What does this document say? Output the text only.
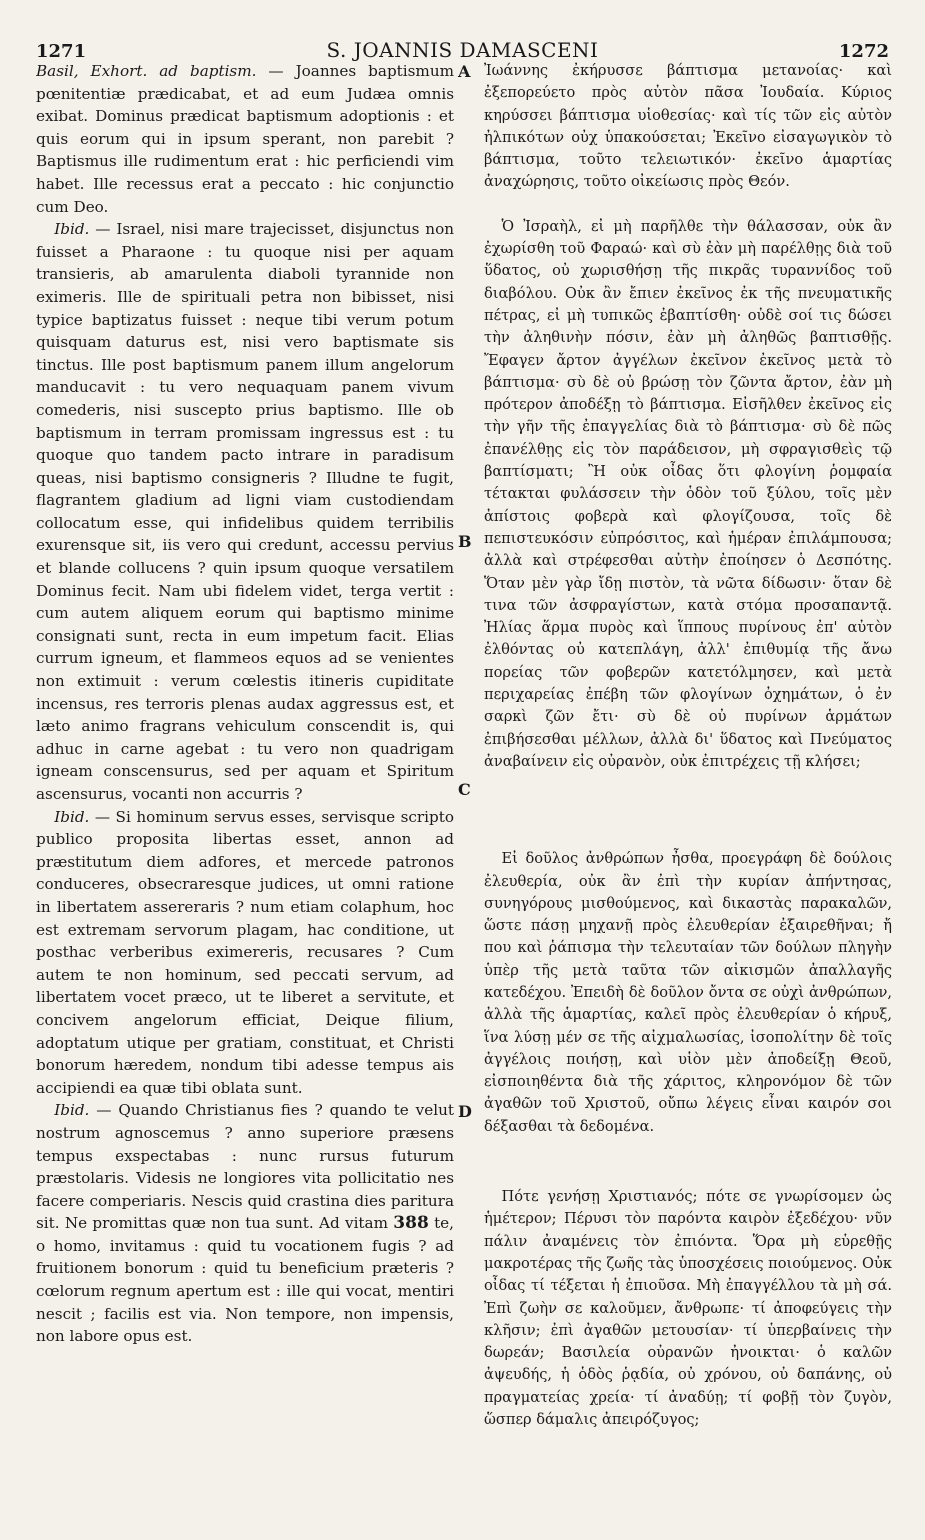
1271	S. JOANNIS DAMASCENI	1272

Basil, Exhort. ad baptism. — Joannes baptismum pœnitentiæ prædicabat, et ad eum Judæa omnis exibat. Dominus prædicat baptismum adoptionis : et quis eorum qui in ipsum sperant, non parebit ? Baptismus ille rudimentum erat : hic perficiendi vim habet. Ille recessus erat a peccato : hic conjunctio cum Deo.

Ibid. — Israel, nisi mare trajecisset, disjunctus non fuisset a Pharaone : tu quoque nisi per aquam transieris, ab amarulenta diaboli tyrannide non eximeris. Ille de spirituali petra non bibisset, nisi typice baptizatus fuisset : neque tibi verum potum quisquam daturus est, nisi vero baptismate sis tinctus. Ille post baptismum panem illum angelorum manducavit : tu vero nequaquam panem vivum comederis, nisi suscepto prius baptismo. Ille ob baptismum in terram promissam ingressus est : tu quoque quo tandem pacto intrare in paradisum queas, nisi baptismo consigneris ? Illudne te fugit, flagrantem gladium ad ligni viam custodiendam collocatum esse, qui infidelibus quidem terribilis exurensque sit, iis vero qui credunt, accessu pervius et blande collucens ? quin ipsum quoque versatilem Dominus fecit. Nam ubi fidelem videt, terga vertit : cum autem aliquem eorum qui baptismo minime consignati sunt, recta in eum impetum facit. Elias currum igneum, et flammeos equos ad se venientes non extimuit : verum cœlestis itineris cupiditate incensus, res terroris plenas audax aggressus est, et læto animo fragrans vehiculum conscendit is, qui adhuc in carne agebat : tu vero non quadrigam igneam conscensurus, sed per aquam et Spiritum ascensurus, vocanti non accurris ?

Ibid. — Si hominum servus esses, servisque scripto publico proposita libertas esset, annon ad præstitutum diem adfores, et mercede patronos conduceres, obsecraresque judices, ut omni ratione in libertatem assereraris ? num etiam colaphum, hoc est extremam servorum plagam, hac conditione, ut posthac verberibus eximereris, recusares ? Cum autem te non hominum, sed peccati servum, ad libertatem vocet præco, ut te liberet a servitute, et concivem angelorum efficiat, Deique filium, adoptatum utique per gratiam, constituat, et Christi bonorum hæredem, nondum tibi adesse tempus ais accipiendi ea quæ tibi oblata sunt.

Ibid. — Quando Christianus fies ? quando te velut nostrum agnoscemus ? anno superiore præsens tempus exspectabas : nunc rursus futurum præstolaris. Videsis ne longiores vita pollicitatio nes facere comperiaris. Nescis quid crastina dies paritura sit. Ne promittas quæ non tua sunt. Ad vitam 388 te, o homo, invitamus : quid tu vocationem fugis ? ad fruitionem bonorum : quid tu beneficium præteris ? cœlorum regnum apertum est : ille qui vocat, mentiri nescit ; facilis est via. Non tempore, non impensis, non labore opus est.

A
B
C
D

Ἰωάννης ἐκήρυσσε βάπτισμα μετανοίας· καὶ ἐξεπορεύετο πρὸς αὐτὸν πᾶσα Ἰουδαία. Κύριος κηρύσσει βάπτισμα υἱοθεσίας· καὶ τίς τῶν εἰς αὐτὸν ἠλπικότων οὐχ ὑπακούσεται; Ἐκεῖνο εἰσαγωγικὸν τὸ βάπτισμα, τοῦτο τελειωτικόν· ἐκεῖνο ἁμαρτίας ἀναχώρησις, τοῦτο οἰκείωσις πρὸς Θεόν.

Ὁ Ἰσραὴλ, εἰ μὴ παρῆλθε τὴν θάλασσαν, οὐκ ἂν ἐχωρίσθη τοῦ Φαραώ· καὶ σὺ ἐὰν μὴ παρέλθῃς διὰ τοῦ ὕδατος, οὐ χωρισθήσῃ τῆς πικρᾶς τυραννίδος τοῦ διαβόλου. Οὐκ ἂν ἔπιεν ἐκεῖνος ἐκ τῆς πνευματικῆς πέτρας, εἰ μὴ τυπικῶς ἐβαπτίσθη· οὐδὲ σοί τις δώσει τὴν ἀληθινὴν πόσιν, ἐὰν μὴ ἀληθῶς βαπτισθῇς. Ἔφαγεν ἄρτον ἀγγέλων ἐκεῖνον ἐκεῖνος μετὰ τὸ βάπτισμα· σὺ δὲ οὐ βρώσῃ τὸν ζῶντα ἄρτον, ἐὰν μὴ πρότερον ἀποδέξῃ τὸ βάπτισμα. Εἰσῆλθεν ἐκεῖνος εἰς τὴν γῆν τῆς ἐπαγγελίας διὰ τὸ βάπτισμα· σὺ δὲ πῶς ἐπανέλθῃς εἰς τὸν παράδεισον, μὴ σφραγισθεὶς τῷ βαπτίσματι; Ἢ οὐκ οἶδας ὅτι φλογίνη ῥομφαία τέτακται φυλάσσειν τὴν ὁδὸν τοῦ ξύλου, τοῖς μὲν ἀπίστοις φοβερὰ καὶ φλογίζουσα, τοῖς δὲ πεπιστευκόσιν εὐπρόσιτος, καὶ ἡμέραν ἐπιλάμπουσα; ἀλλὰ καὶ στρέφεσθαι αὐτὴν ἐποίησεν ὁ Δεσπότης. Ὅταν μὲν γὰρ ἴδῃ πιστὸν, τὰ νῶτα δίδωσιν· ὅταν δὲ τινα τῶν ἀσφραγίστων, κατὰ στόμα προσαπαντᾷ. Ἠλίας ἅρμα πυρὸς καὶ ἵππους πυρίνους ἐπ' αὐτὸν ἐλθόντας οὐ κατεπλάγη, ἀλλ' ἐπιθυμίᾳ τῆς ἄνω πορείας τῶν φοβερῶν κατετόλμησεν, καὶ μετὰ περιχαρείας ἐπέβη τῶν φλογίνων ὀχημάτων, ὁ ἐν σαρκὶ ζῶν ἔτι· σὺ δὲ οὐ πυρίνων ἁρμάτων ἐπιβήσεσθαι μέλλων, ἀλλὰ δι' ὕδατος καὶ Πνεύματος ἀναβαίνειν εἰς οὐρανὸν, οὐκ ἐπιτρέχεις τῇ κλήσει;

Εἰ δοῦλος ἀνθρώπων ἦσθα, προεγράφη δὲ δούλοις ἐλευθερία, οὐκ ἂν ἐπὶ τὴν κυρίαν ἀπήντησας, συνηγόρους μισθούμενος, καὶ δικαστὰς παρακαλῶν, ὥστε πάσῃ μηχανῇ πρὸς ἐλευθερίαν ἐξαιρεθῆναι; ἤ που καὶ ῥάπισμα τὴν τελευταίαν τῶν δούλων πληγὴν ὑπὲρ τῆς μετὰ ταῦτα τῶν αἰκισμῶν ἀπαλλαγῆς κατεδέχου. Ἐπειδὴ δὲ δοῦλον ὄντα σε οὐχὶ ἀνθρώπων, ἀλλὰ τῆς ἁμαρτίας, καλεῖ πρὸς ἐλευθερίαν ὁ κήρυξ, ἵνα λύσῃ μέν σε τῆς αἰχμαλωσίας, ἰσοπολίτην δὲ τοῖς ἀγγέλοις ποιήσῃ, καὶ υἱὸν μὲν ἀποδείξῃ Θεοῦ, εἰσποιηθέντα διὰ τῆς χάριτος, κληρονόμον δὲ τῶν ἀγαθῶν τοῦ Χριστοῦ, οὔπω λέγεις εἶναι καιρόν σοι δέξασθαι τὰ δεδομένα.

Πότε γενήσῃ Χριστιανός; πότε σε γνωρίσομεν ὡς ἡμέτερον; Πέρυσι τὸν παρόντα καιρὸν ἐξεδέχου· νῦν πάλιν ἀναμένεις τὸν ἐπιόντα. Ὅρα μὴ εὑρεθῇς μακροτέρας τῆς ζωῆς τὰς ὑποσχέσεις ποιούμενος. Οὐκ οἶδας τί τέξεται ἡ ἐπιοῦσα. Μὴ ἐπαγγέλλου τὰ μὴ σά. Ἐπὶ ζωὴν σε καλοῦμεν, ἄνθρωπε· τί ἀποφεύγεις τὴν κλῆσιν; ἐπὶ ἀγαθῶν μετουσίαν· τί ὑπερβαίνεις τὴν δωρεάν; Βασιλεία οὐρανῶν ἠνοικται· ὁ καλῶν ἀψευδής, ἡ ὁδὸς ῥᾳδία, οὐ χρόνου, οὐ δαπάνης, οὐ πραγματείας χρεία· τί ἀναδύῃ; τί φοβῇ τὸν ζυγὸν, ὥσπερ δάμαλις ἀπειρόζυγος;
